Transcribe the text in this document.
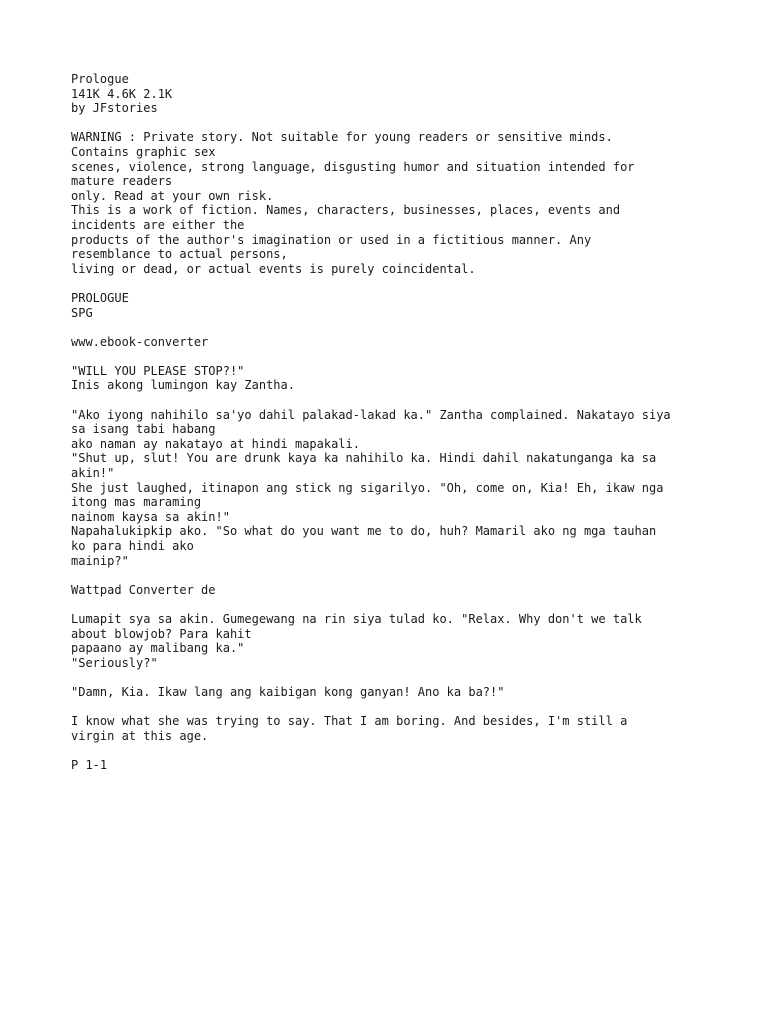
Prologue
141K 4.6K 2.1K
by JFstories
WARNING : Private story. Not suitable for young readers or sensitive minds.
Contains graphic sex
scenes, violence, strong language, disgusting humor and situation intended for
mature readers
only. Read at your own risk.
This is a work of fiction. Names, characters, businesses, places, events and
incidents are either the
products of the author's imagination or used in a fictitious manner. Any
resemblance to actual persons,
living or dead, or actual events is purely coincidental.
PROLOGUE
SPG
www.ebook-converter
"WILL YOU PLEASE STOP?!"
Inis akong lumingon kay Zantha.
"Ako iyong nahihilo sa'yo dahil palakad-lakad ka." Zantha complained. Nakatayo siya
sa isang tabi habang
ako naman ay nakatayo at hindi mapakali.
"Shut up, slut! You are drunk kaya ka nahihilo ka. Hindi dahil nakatunganga ka sa
akin!"
She just laughed, itinapon ang stick ng sigarilyo. "Oh, come on, Kia! Eh, ikaw nga
itong mas maraming
nainom kaysa sa akin!"
Napahalukipkip ako. "So what do you want me to do, huh? Mamaril ako ng mga tauhan
ko para hindi ako
mainip?"
Wattpad Converter de
Lumapit sya sa akin. Gumegewang na rin siya tulad ko. "Relax. Why don't we talk
about blowjob? Para kahit
papaano ay malibang ka."
"Seriously?"
"Damn, Kia. Ikaw lang ang kaibigan kong ganyan! Ano ka ba?!"
I know what she was trying to say. That I am boring. And besides, I'm still a
virgin at this age.
P 1-1
